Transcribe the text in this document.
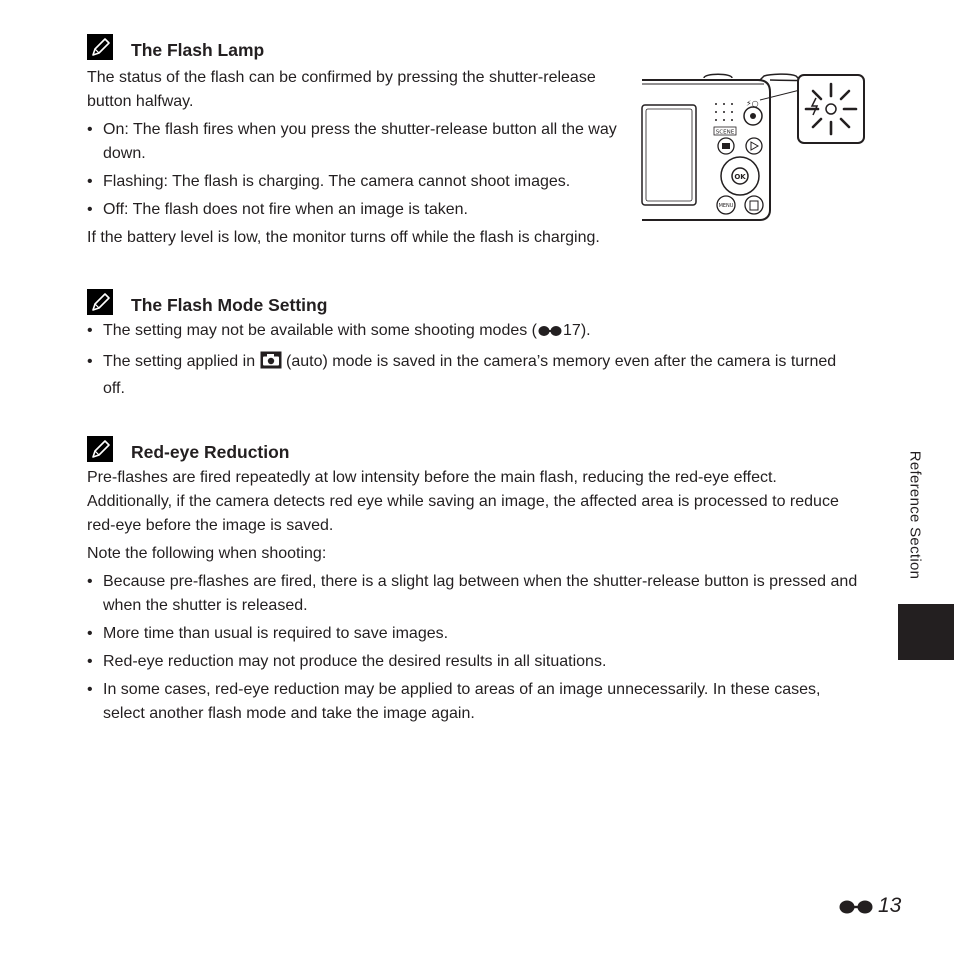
The Flash Lamp

The status of the flash can be confirmed by pressing the shutter-release button halfway.

• On: The flash fires when you press the shutter-release button all the way down.
• Flashing: The flash is charging. The camera cannot shoot images.
• Off: The flash does not fire when an image is taken.

If the battery level is low, the monitor turns off while the flash is charging.

⚡○
SCENE
OK
MENU
The Flash Mode Setting
• The setting may not be available with some shooting modes ( 17).
• The setting applied in (auto) mode is saved in the camera’s memory even after the camera is turned off.
Red-eye Reduction

Pre-flashes are fired repeatedly at low intensity before the main flash, reducing the red-eye effect. Additionally, if the camera detects red eye while saving an image, the affected area is processed to reduce red-eye before the image is saved.

Note the following when shooting:

• Because pre-flashes are fired, there is a slight lag between when the shutter-release button is pressed and when the shutter is released.
• More time than usual is required to save images.
• Red-eye reduction may not produce the desired results in all situations.
• In some cases, red-eye reduction may be applied to areas of an image unnecessarily. In these cases, select another flash mode and take the image again.
Reference Section
13
